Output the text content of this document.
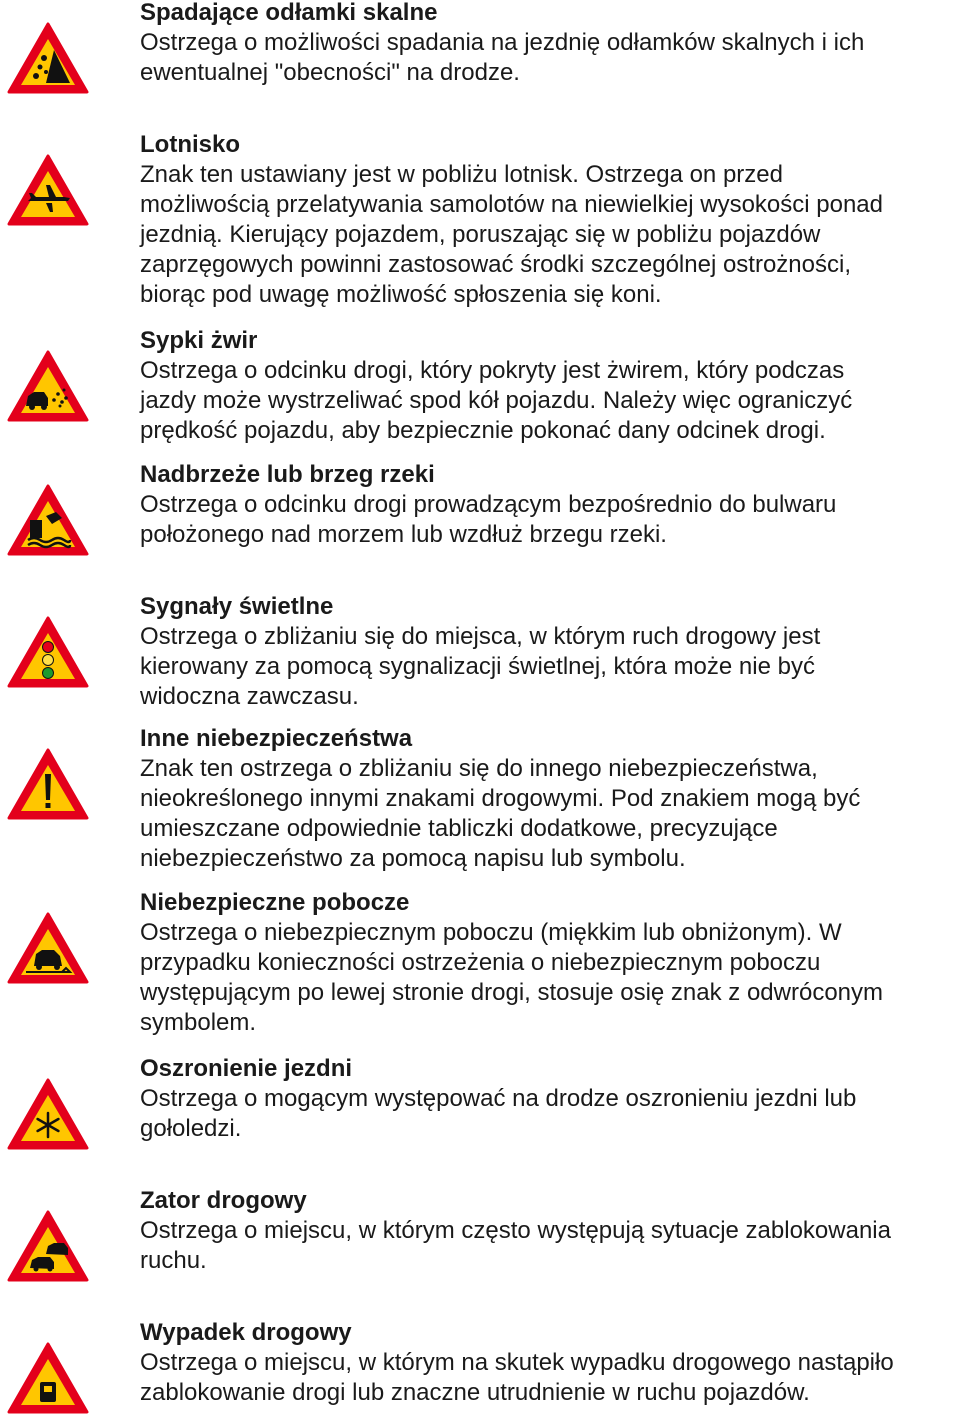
Spadające odłamki skalne
Ostrzega o możliwości spadania na jezdnię odłamków skalnych i ich
ewentualnej "obecności" na drodze.
Lotnisko
Znak ten ustawiany jest w pobliżu lotnisk. Ostrzega on przed
możliwością przelatywania samolotów na niewielkiej wysokości ponad
jezdnią. Kierujący pojazdem, poruszając się w pobliżu pojazdów
zaprzęgowych powinni zastosować środki szczególnej ostrożności,
biorąc pod uwagę możliwość spłoszenia się koni.
Sypki żwir
Ostrzega o odcinku drogi, który pokryty jest żwirem, który podczas
jazdy może wystrzeliwać spod kół pojazdu. Należy więc ograniczyć
prędkość pojazdu, aby bezpiecznie pokonać dany odcinek drogi.
Nadbrzeże lub brzeg rzeki
Ostrzega o odcinku drogi prowadzącym bezpośrednio do bulwaru
położonego nad morzem lub wzdłuż brzegu rzeki.
Sygnały świetlne
Ostrzega o zbliżaniu się do miejsca, w którym ruch drogowy jest
kierowany za pomocą sygnalizacji świetlnej, która może nie być
widoczna zawczasu.
Inne niebezpieczeństwa
Znak ten ostrzega o zbliżaniu się do innego niebezpieczeństwa,
nieokreślonego innymi znakami drogowymi. Pod znakiem mogą być
umieszczane odpowiednie tabliczki dodatkowe, precyzujące
niebezpieczeństwo za pomocą napisu lub symbolu.
Niebezpieczne pobocze
Ostrzega o niebezpiecznym poboczu (miękkim lub obniżonym). W
przypadku konieczności ostrzeżenia o niebezpiecznym poboczu
występującym po lewej stronie drogi, stosuje osię znak z odwróconym
symbolem.
Oszronienie jezdni
Ostrzega o mogącym występować na drodze oszronieniu jezdni lub
gołoledzi.
Zator drogowy
Ostrzega o miejscu, w którym często występują sytuacje zablokowania
ruchu.
Wypadek drogowy
Ostrzega o miejscu, w którym na skutek wypadku drogowego nastąpiło
zablokowanie drogi lub znaczne utrudnienie w ruchu pojazdów.
